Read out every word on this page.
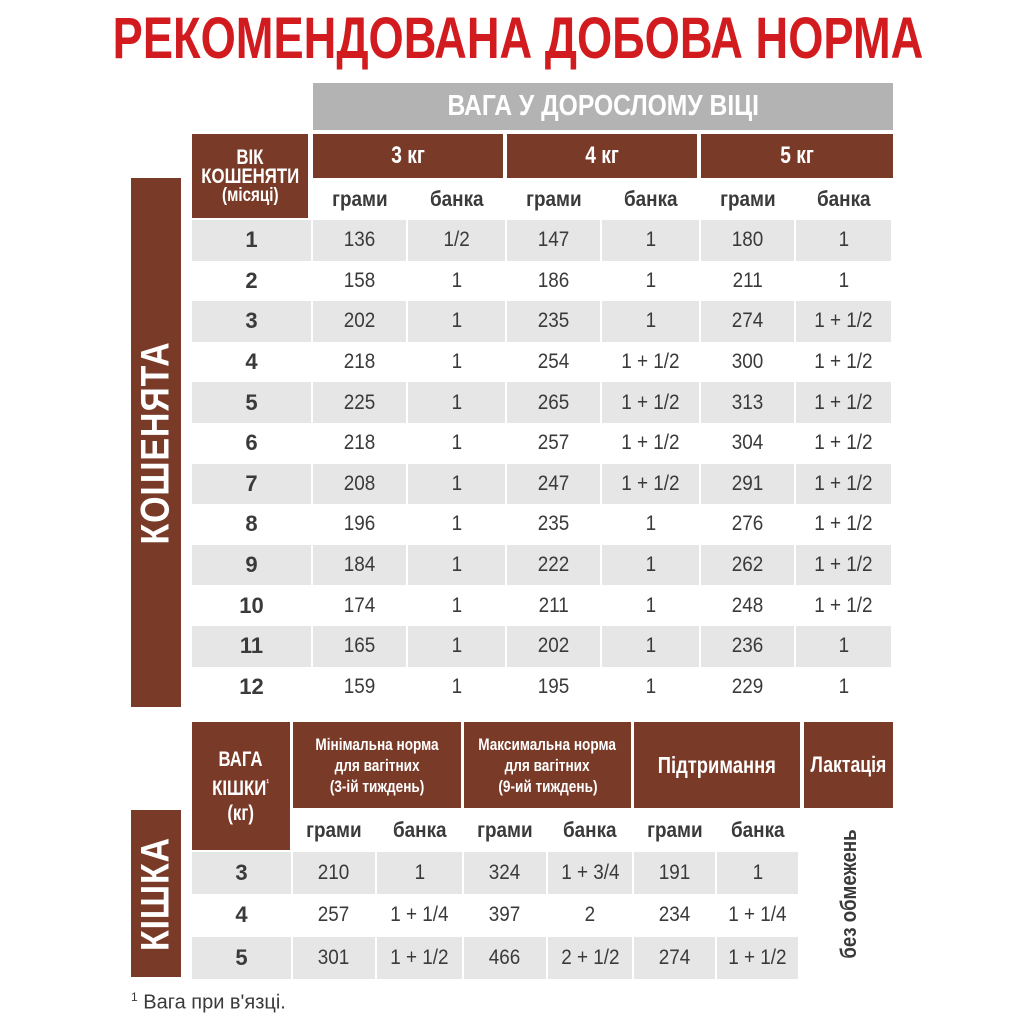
РЕКОМЕНДОВАНА ДОБОВА НОРМА
ВАГА У ДОРОСЛОМУ ВІЦІ
КОШЕНЯТА
ВІК
КОШЕНЯТИ
(місяці)
3 кг	4 кг	5 кг
грами банка грами банка грами банка
1	136	1/2	147	1	180	1
2	158	1	186	1	211	1
3	202	1	235	1	274 1 + 1/2
4	218	1	254 1 + 1/2 300 1 + 1/2
5	225	1	265 1 + 1/2 313 1 + 1/2
6	218	1	257 1 + 1/2 304 1 + 1/2
7	208	1	247 1 + 1/2 291 1 + 1/2
8	196	1	235	1	276 1 + 1/2
9	184	1	222	1	262 1 + 1/2
10	174	1	211	1	248 1 + 1/2
11	165	1	202	1	236	1
12	159	1	195	1	229	1
КІШКА
ВАГА
$КІШКИ^{^1}$
(кг)
Мінімальна норма
для вагітних
(3-ій тиждень)
Максимальна норма
для вагітних
(9-ий тиждень)
Підтримання Лактація
грами банка грами банка грами банка
3	210	1	324 1 + 3/4 191	1
4	257 1 + 1/4 397	2	234 1 + 1/4
5	301 1 + 1/2 466 2 + 1/2 274 1 + 1/2 без обмежень
$^1$ Вага при в'язці.
